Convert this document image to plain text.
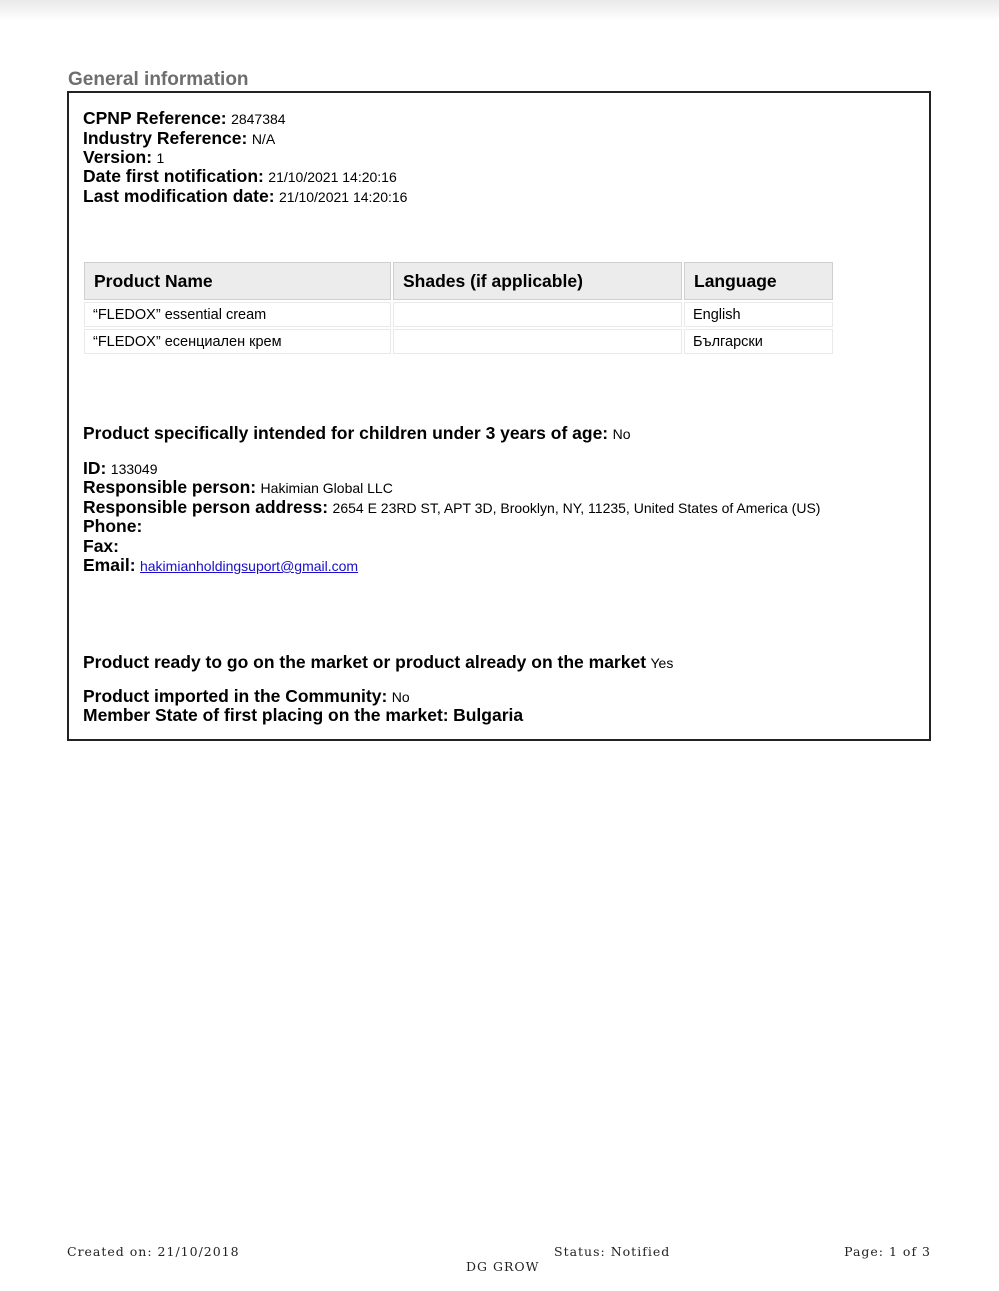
General information
CPNP Reference: 2847384
Industry Reference: N/A
Version: 1
Date first notification: 21/10/2021 14:20:16
Last modification date: 21/10/2021 14:20:16
Product Name	Shades (if applicable)	Language
“FLEDOX” essential cream		English
“FLEDOX” есенциален крем		Български
Product specifically intended for children under 3 years of age: No
ID: 133049
Responsible person: Hakimian Global LLC
Responsible person address: 2654 E 23RD ST, APT 3D, Brooklyn, NY, 11235, United States of America (US)
Phone:
Fax:
Email: hakimianholdingsuport@gmail.com
Product ready to go on the market or product already on the market Yes
Product imported in the Community: No
Member State of first placing on the market: Bulgaria
Created on: 21/10/2018	Status: Notified	Page: 1 of 3
DG GROW
